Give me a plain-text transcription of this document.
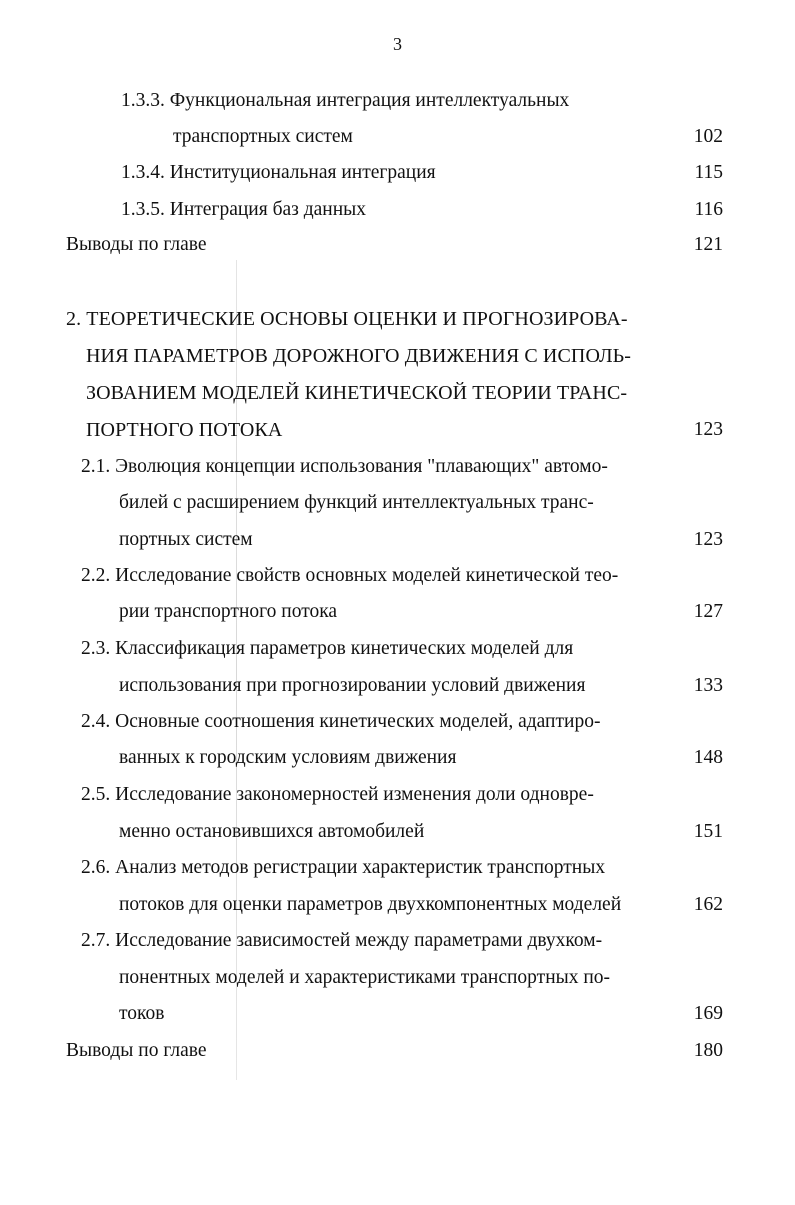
3
1.3.3. Функциональная интеграция интеллектуальных
транспортных систем	102
1.3.4. Институциональная интеграция	115
1.3.5. Интеграция баз данных	116
Выводы по главе	121
2. ТЕОРЕТИЧЕСКИЕ ОСНОВЫ ОЦЕНКИ И ПРОГНОЗИРОВА-
НИЯ ПАРАМЕТРОВ ДОРОЖНОГО ДВИЖЕНИЯ С ИСПОЛЬ-
ЗОВАНИЕМ МОДЕЛЕЙ КИНЕТИЧЕСКОЙ ТЕОРИИ ТРАНС-
ПОРТНОГО ПОТОКА	123
2.1. Эволюция концепции использования "плавающих" автомо-
билей с расширением функций интеллектуальных транс-
портных систем	123
2.2. Исследование свойств основных моделей кинетической тео-
рии транспортного потока	127
2.3. Классификация параметров кинетических моделей для
использования при прогнозировании условий движения	133
2.4. Основные соотношения кинетических моделей, адаптиро-
ванных к городским условиям движения	148
2.5. Исследование закономерностей изменения доли одновре-
менно остановившихся автомобилей	151
2.6. Анализ методов регистрации характеристик транспортных
потоков для оценки параметров двухкомпонентных моделей	162
2.7. Исследование зависимостей между параметрами двухком-
понентных моделей и характеристиками транспортных по-
токов	169
Выводы по главе	180
